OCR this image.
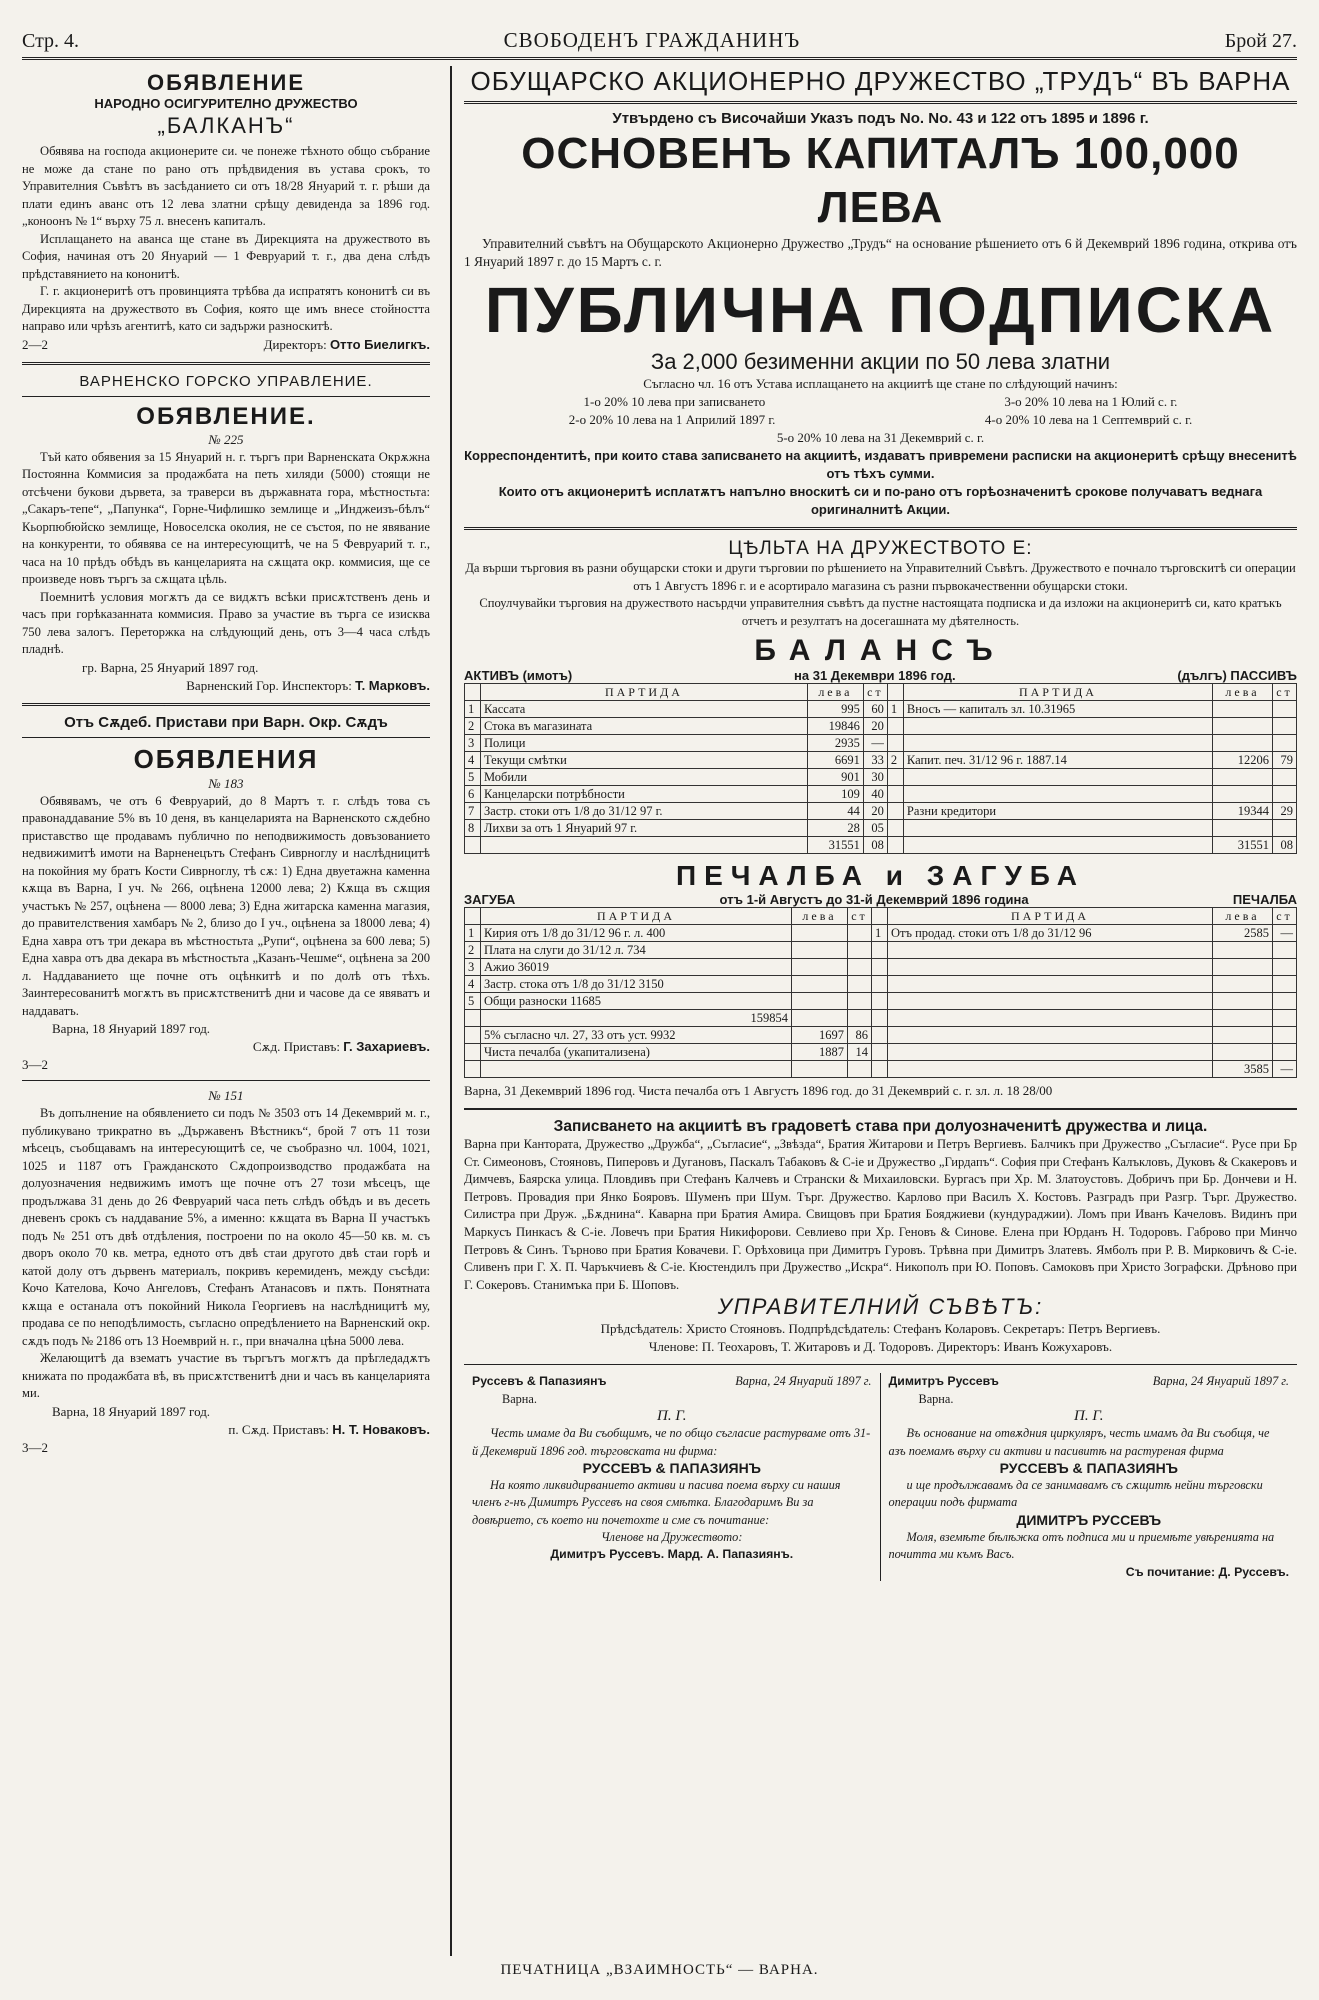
Стр. 4.	СВОБОДЕНЪ ГРАЖДАНИНЪ	Брой 27.
ОБЯВЛЕНИЕ
НАРОДНО ОСИГУРИТЕЛНО ДРУЖЕСТВО
„БАЛКАНЪ“

Обявява на господа акционерите си. че понеже тѣхното общо събрание не може да стане по рано отъ прѣдвидения въ устава срокъ, то Управителния Съвѣтъ въ засѣданието си отъ 18/28 Януарий т. г. рѣши да плати единъ аванс отъ 12 лева златни срѣщу девиденда за 1896 год. „коноонъ № 1“ върху 75 л. внесенъ капиталъ.

Исплащането на аванса ще стане въ Дирекцията на дружеството въ София, начиная отъ 20 Януарий — 1 Февруарий т. г., два дена слѣдъ прѣдставянието на кононитѣ.

Г. г. акционеритѣ отъ провинцията трѣбва да испратятъ кононитѣ си въ Дирекцията на дружеството въ София, която ще имъ внесе стойността направо или чрѣзъ агентитѣ, като си задържи разноскитѣ.

2—2	Директоръ: Отто Биелигкъ.
ВАРНЕНСКО ГОРСКО УПРАВЛЕНИЕ.
ОБЯВЛЕНИЕ.
№ 225

Тъй като обявения за 15 Януарий н. г. търгъ при Варненската Окрѫжна Постоянна Коммисия за продажбата на петь хиляди (5000) стоящи не отсѣчени букови дървета, за траверси въ държавната гора, мѣстностьта: „Сакаръ-тепе“, „Папунка“, Горне-Чифлишко землище и „Инджеизъ-бѣлъ“ Кьорпюбюйско землище, Новоселска околия, не се състоя, по не явявание на конкуренти, то обявява се на интересующитѣ, че на 5 Февруарий т. г., часа на 10 прѣдъ обѣдъ въ канцеларията на сѫщата окр. коммисия, ще се произведе новъ търгъ за сѫщата цѣль.

Поемнитѣ условия могѫтъ да се видѫтъ всѣки присѫтственъ день и часъ при горѣказанната коммисия. Право за участие въ търга се изисква 750 лева залогъ. Переторжка на слѣдующий день, отъ 3—4 часа слѣдъ пладнѣ.

гр. Варна, 25 Януарий 1897 год.
Варненский Гор. Инспекторъ: Т. Марковъ.
Отъ Сѫдеб. Пристави при Варн. Окр. Сѫдъ
ОБЯВЛЕНИЯ
№ 183

Обявявамъ, че отъ 6 Февруарий, до 8 Мартъ т. г. слѣдъ това съ правонаддавание 5% въ 10 деня, въ канцеларията на Варненското сѫдебно приставство ще продавамъ публично по неподвижимость довъзованието недвижимитѣ имоти на Варненецътъ Стефанъ Сиврноглу и наслѣдницитѣ на покойния му братъ Кости Сиврноглу, тѣ сѫ: 1) Една двуетажна каменна кѫща въ Варна, I уч. № 266, оцѣнена 12000 лева; 2) Кѫща въ сѫщия участъкъ № 257, оцѣнена — 8000 лева; 3) Една житарска каменна магазия, до правителствения хамбаръ № 2, близо до I уч., оцѣнена за 18000 лева; 4) Една хавра отъ три декара въ мѣстностьта „Рупи“, оцѣнена за 600 лева; 5) Една хавра отъ два декара въ мѣстностьта „Казанъ-Чешме“, оцѣнена за 200 л. Наддаванието ще почне отъ оцѣнкитѣ и по долѣ отъ тѣхъ. Заинтересованитѣ могѫтъ въ присѫтственитѣ дни и часове да се явяватъ и наддаватъ.

Варна, 18 Януарий 1897 год.
Сѫд. Приставъ: Г. Захариевъ.
3—2
№ 151

Въ допълнение на обявлението си подъ № 3503 отъ 14 Декемврий м. г., публикувано трикратно въ „Държавенъ Вѣстникъ“, брой 7 отъ 11 този мѣсецъ, съобщавамъ на интересующитѣ се, че съобразно чл. 1004, 1021, 1025 и 1187 отъ Гражданското Сѫдопроизводство продажбата на долуозначения недвижимъ имотъ ще почне отъ 27 този мѣсецъ, ще продължава 31 день до 26 Февруарий часа петь слѣдъ обѣдъ и въ десеть дневенъ срокъ съ наддавание 5%, а именно: кѫщата въ Варна II участъкъ подъ № 251 отъ двѣ отдѣления, построени по на около 45—50 кв. м. съ дворъ около 70 кв. метра, едното отъ двѣ стаи другото двѣ стаи горѣ и катой долу отъ дървенъ материалъ, покривъ керемиденъ, между съсѣди: Кочо Кателова, Кочо Ангеловъ, Стефанъ Атанасовъ и пѫть. Понятната кѫща е останала отъ покойний Никола Георгиевъ на наслѣдницитѣ му, продава се по неподѣлимость, съгласно опредѣлението на Варненский окр. сѫдъ подъ № 2186 отъ 13 Ноемврий н. г., при вначална цѣна 5000 лева.

Желающитѣ да взематъ участие въ търгътъ могѫтъ да прѣгледадѫтъ книжата по продажбата вѣ, въ присѫтственитѣ дни и часъ въ канцеларията ми.

Варна, 18 Януарий 1897 год.
п. Сѫд. Приставъ: Н. Т. Новаковъ.
3—2
ОБУЩАРСКО АКЦИОНЕРНО ДРУЖЕСТВО „ТРУДЪ“ ВЪ ВАРНА
Утвърдено съ Височайши Указъ подъ No. No. 43 и 122 отъ 1895 и 1896 г.
ОСНОВЕНЪ КАПИТАЛЪ 100,000 ЛЕВА

Управителний съвѣтъ на Обущарското Акционерно Дружество „Трудъ“ на основание рѣшението отъ 6 й Декемврий 1896 година, открива отъ 1 Януарий 1897 г. до 15 Мартъ с. г.

ПУБЛИЧНА ПОДПИСКА
За 2,000 безименни акции по 50 лева златни
Съгласно чл. 16 отъ Устава исплащането на акциитѣ ще стане по слѣдующий начинъ:
1-о 20% 10 лева при записването	3-о 20% 10 лева на 1 Юлий с. г.
2-о 20% 10 лева на 1 Априлий 1897 г.	4-о 20% 10 лева на 1 Септемврий с. г.
5-о 20% 10 лева на 31 Декемврий с. г.
Корреспондентитѣ, при които става записването на акциитѣ, издаватъ привремени расписки на акционеритѣ срѣщу внесенитѣ отъ тѣхъ сумми.
Които отъ акционеритѣ исплатѫтъ напълно вноскитѣ си и по-рано отъ горѣозначенитѣ срокове получаватъ веднага оригиналнитѣ Акции.
ЦѢЛЬТА НА ДРУЖЕСТВОТО Е:

Да върши търговия въ разни обущарски стоки и други търговии по рѣшението на Управителний Съвѣтъ. Дружеството е почнало търговскитѣ си операции отъ 1 Августъ 1896 г. и е асортирало магазина съ разни първокачественни обущарски стоки.

Споулчувайки търговия на дружеството насърдчи управителния съвѣтъ да пустне настоящата подписка и да изложи на акционеритѣ си, като кратъкъ отчетъ и резултатъ на досегашната му дѣятелность.

БАЛАНСЪ
АКТИВЪ (имотъ)	на 31 Декември 1896 год.	(дългъ) ПАССИВЪ
	ПАРТИДА	лева	ст		ПАРТИДА	лева	ст
1	Кассата	995	60	1	Вносъ — капиталъ зл. 10.31965		
2	Стока въ магазината	19846	20				
3	Полици	2935	—				
4	Текущи смѣтки	6691	33	2	Капит. печ. 31/12 96 г. 1887.14	12206	79
5	Мобили	901	30				
6	Канцеларски потрѣбности	109	40				
7	Застр. стоки отъ 1/8 до 31/12 97 г.	44	20		Разни кредитори	19344	29
8	Лихви за отъ 1 Януарий 97 г.	28	05				
		31551	08			31551	08
ПЕЧАЛБА и ЗАГУБА
ЗАГУБА	отъ 1-й Августъ до 31-й Декемврий 1896 година	ПЕЧАЛБА
	ПАРТИДА	лева	ст		ПАРТИДА	лева	ст
1	Кирия отъ 1/8 до 31/12 96 г. л. 400			1	Отъ продад. стоки отъ 1/8 до 31/12 96	2585	—
2	Плата на слуги до 31/12 л. 734						
3	Ажио 36019						
4	Застр. стока отъ 1/8 до 31/12 3150						
5	Общи разноски 11685						
	159854						
	5% съгласно чл. 27, 33 отъ уст. 9932	1697	86				
	Чиста печалба (укапитализена)	1887	14				
						3585	—
Варна, 31 Декемврий 1896 год. Чиста печалба отъ 1 Августъ 1896 год. до 31 Декемврий с. г. зл. л. 18 28/00
Записването на акциитѣ въ градоветѣ става при долуозначенитѣ дружества и лица.
Варна при Кантората, Дружество „Дружба“, „Съгласие“, „Звѣзда“, Братия Житарови и Петръ Вергиевъ. Балчикъ при Дружество „Съгласие“. Русе при Бр Ст. Симеоновъ, Стояновъ, Пиперовъ и Дугановъ, Паскалъ Табаковъ & С-ie и Дружество „Гирдапъ“. София при Стефанъ Калъкловъ, Дуковъ & Скакеровъ и Димчевъ, Баярска улица. Пловдивъ при Стефанъ Калчевъ и Странски & Михаиловски. Бургасъ при Хр. М. Златоустовъ. Добричъ при Бр. Дончеви и Н. Петровъ. Провадия при Янко Бояровъ. Шуменъ при Шум. Търг. Дружество. Карлово при Василъ Х. Костовъ. Разградъ при Разгр. Търг. Дружество. Силистра при Друж. „Бѫднина“. Каварна при Братия Амира. Свищовъ при Братия Бояджиеви (кундураджии). Ломъ при Иванъ Качеловъ. Видинъ при Маркусъ Пинкасъ & С-ie. Ловечъ при Братия Никифорови. Севлиево при Хр. Геновъ & Синове. Елена при Юрданъ Н. Тодоровъ. Габрово при Минчо Петровъ & Синъ. Търново при Братия Ковачеви. Г. Орѣховица при Димитръ Гуровъ. Трѣвна при Димитръ Златевъ. Ямболъ при Р. В. Мирковичъ & С-ie. Сливенъ при Г. Х. П. Чаръкчиевъ & С-ie. Кюстендилъ при Дружество „Искра“. Никополъ при Ю. Поповъ. Самоковъ при Христо Зографски. Дрѣново при Г. Сокеровъ. Станимъка при Б. Шоповъ.
УПРАВИТЕЛНИЙ СЪВѢТЪ:
Прѣдсѣдатель: Христо Стояновъ. Подпрѣдсѣдатель: Стефанъ Коларовъ. Секретаръ: Петръ Вергиевъ.
Членове: П. Теохаровъ, Т. Житаровъ и Д. Тодоровъ. Директоръ: Иванъ Кожухаровъ.
Руссевъ & Папазиянъ	Варна, 24 Януарий 1897 г.
Варна.
П. Г.
Честь имаме да Ви съобщимъ, че по общо съгласие растурваме отъ 31-й Декемврий 1896 год. търговската ни фирма:
РУССЕВЪ & ПАПАЗИЯНЪ
На която ликвидирванието активи и пасива поема върху си нашия членъ г-нъ Димитръ Руссевъ на своя смѣтка. Благодаримъ Ви за довѣрието, съ което ни почетохте и сме съ почитание:
Членове на Дружеството:
Димитръ Руссевъ. Мард. А. Папазиянъ.
Димитръ Руссевъ	Варна, 24 Януарий 1897 г.
Варна.
П. Г.
Въ основание на отвѫдния циркуляръ, честь имамъ да Ви съобщя, че азъ поемамъ върху си активи и пасивитѣ на растуреная фирма
РУССЕВЪ & ПАПАЗИЯНЪ
и ще продължавамъ да се занимавамъ съ сѫщитѣ нейни търговски операции подъ фирмата
ДИМИТРЪ РУССЕВЪ
Моля, вземѣте бѣлѣжка отъ подписа ми и приемѣте увѣренията на почитта ми къмъ Васъ.
Съ почитание: Д. Руссевъ.
ПЕЧАТНИЦА „ВЗАИМНОСТЬ“ — ВАРНА.
